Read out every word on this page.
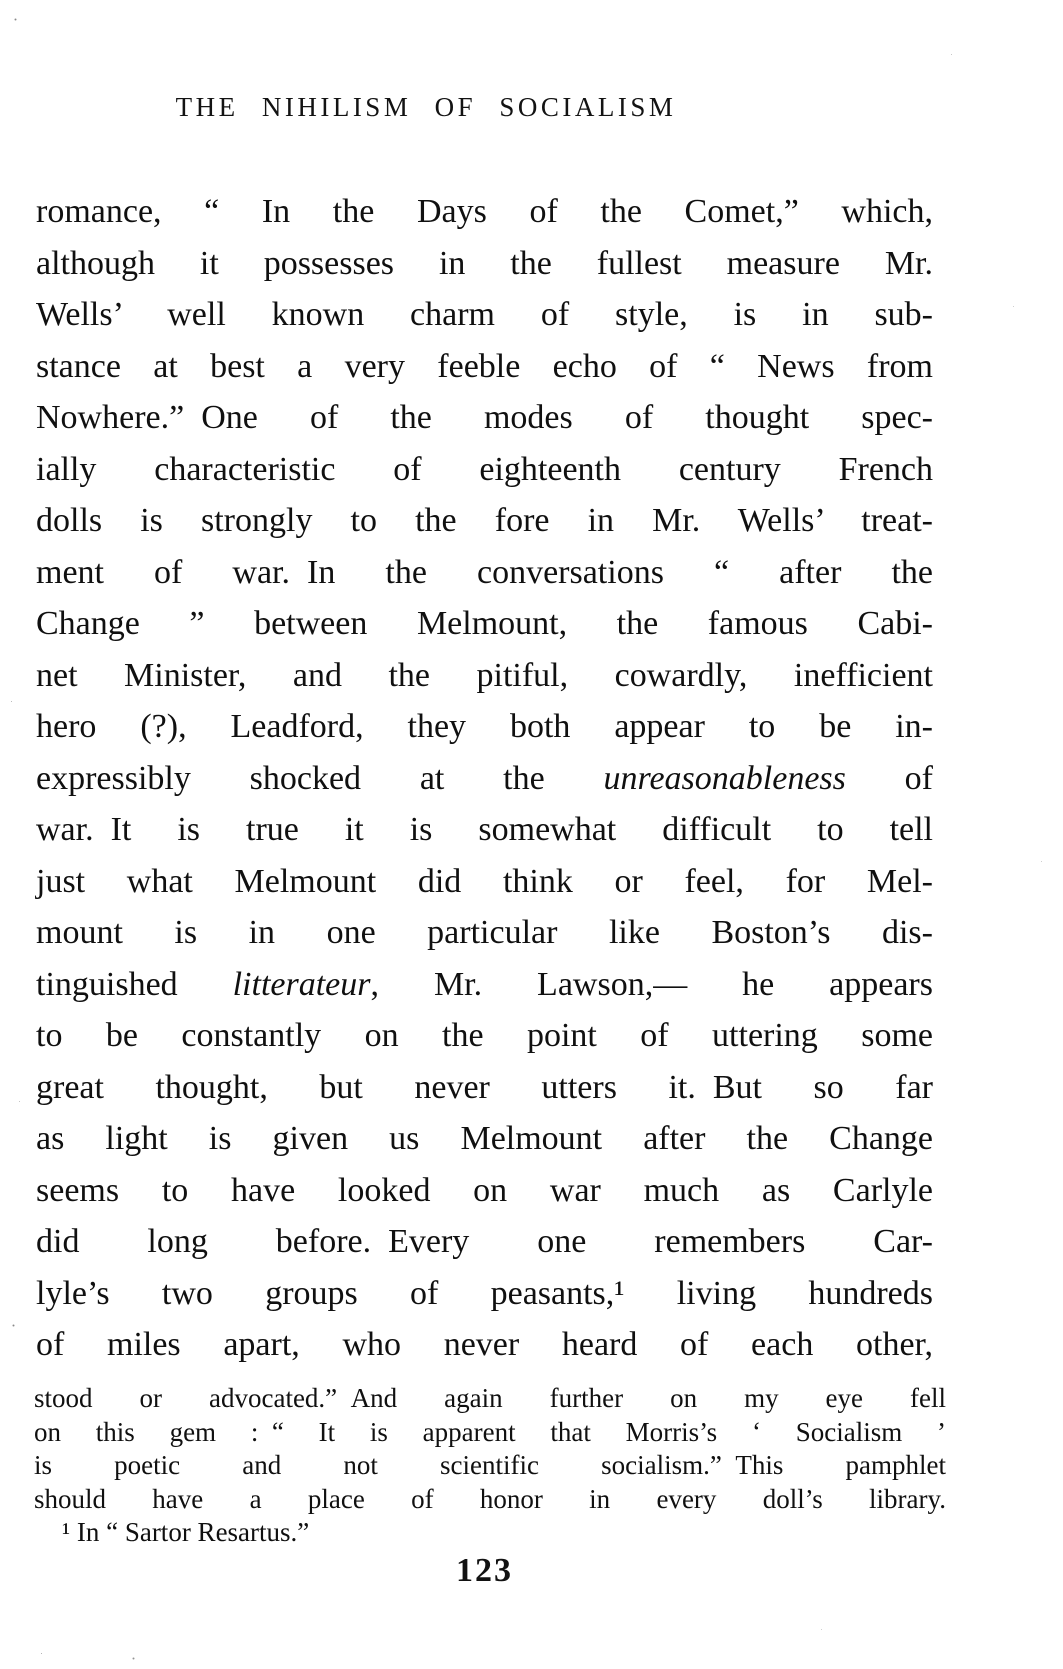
THE NIHILISM OF SOCIALISM
romance, “ In the Days of the Comet,” which,
although it possesses in the fullest measure Mr.
Wells’ well known charm of style, is in sub-
stance at best a very feeble echo of “ News from
Nowhere.” One of the modes of thought spec-
ially characteristic of eighteenth century French
dolls is strongly to the fore in Mr. Wells’ treat-
ment of war. In the conversations “ after the
Change ” between Melmount, the famous Cabi-
net Minister, and the pitiful, cowardly, inefficient
hero (?), Leadford, they both appear to be in-
expressibly shocked at the unreasonableness of
war. It is true it is somewhat difficult to tell
just what Melmount did think or feel, for Mel-
mount is in one particular like Boston’s dis-
tinguished litterateur, Mr. Lawson,— he appears
to be constantly on the point of uttering some
great thought, but never utters it. But so far
as light is given us Melmount after the Change
seems to have looked on war much as Carlyle
did long before. Every one remembers Car-
lyle’s two groups of peasants,¹ living hundreds
of miles apart, who never heard of each other,
stood or advocated.” And again further on my eye fell
on this gem : “ It is apparent that Morris’s ‘ Socialism ’
is poetic and not scientific socialism.” This pamphlet
should have a place of honor in every doll’s library.
¹ In “ Sartor Resartus.”
123
